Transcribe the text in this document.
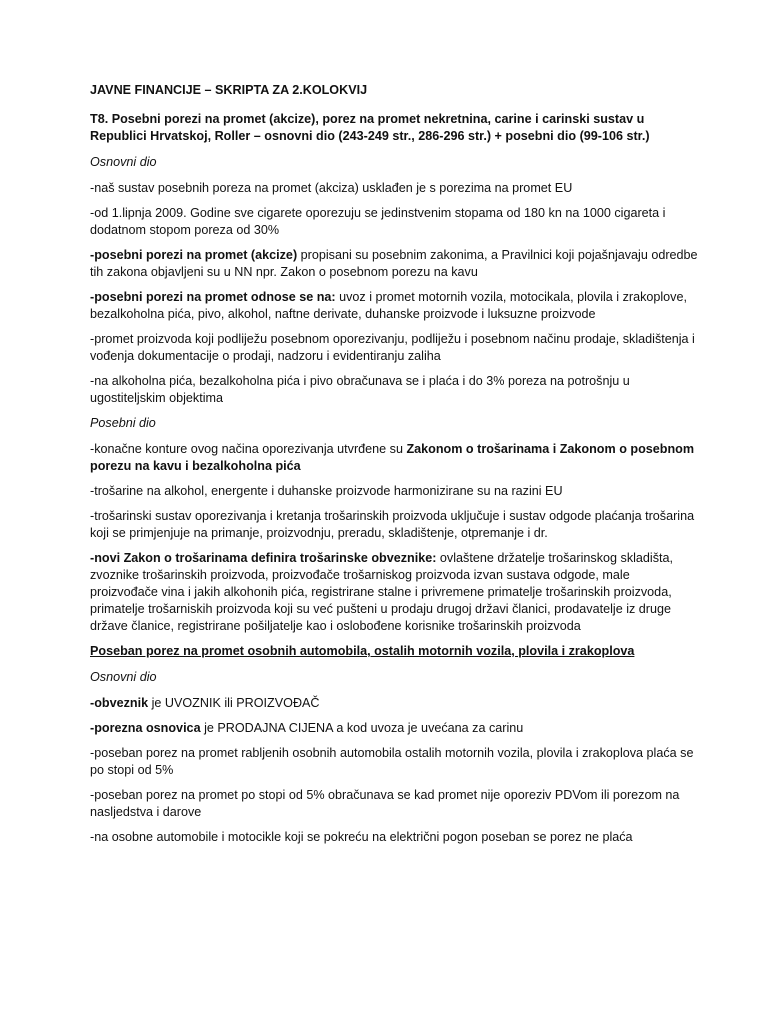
JAVNE FINANCIJE – SKRIPTA ZA 2.KOLOKVIJ

T8. Posebni porezi na promet (akcize), porez na promet nekretnina, carine i carinski sustav u Republici Hrvatskoj, Roller – osnovni dio (243-249 str., 286-296 str.) + posebni dio (99-106 str.)

Osnovni dio

-naš sustav posebnih poreza na promet (akciza) usklađen je s porezima na promet EU

-od 1.lipnja 2009. Godine sve cigarete oporezuju se jedinstvenim stopama od 180 kn na 1000 cigareta i dodatnom stopom poreza od 30%

-posebni porezi na promet (akcize) propisani su posebnim zakonima, a Pravilnici koji pojašnjavaju odredbe tih zakona objavljeni su u NN npr. Zakon o posebnom porezu na kavu

-posebni porezi na promet odnose se na: uvoz i promet motornih vozila, motocikala, plovila i zrakoplove, bezalkoholna pića, pivo, alkohol, naftne derivate, duhanske proizvode i luksuzne proizvode

-promet proizvoda koji podliježu posebnom oporezivanju, podliježu i posebnom načinu prodaje, skladištenja i vođenja dokumentacije o prodaji, nadzoru i evidentiranju zaliha

-na alkoholna pića, bezalkoholna pića i pivo obračunava se i plaća i do 3% poreza na potrošnju u ugostiteljskim objektima

Posebni dio

-konačne konture ovog načina oporezivanja utvrđene su Zakonom o trošarinama i Zakonom o posebnom porezu na kavu i bezalkoholna pića

-trošarine na alkohol, energente i duhanske proizvode harmonizirane su na razini EU

-trošarinski sustav oporezivanja i kretanja trošarinskih proizvoda uključuje i sustav odgode plaćanja trošarina koji se primjenjuje na primanje, proizvodnju, preradu, skladištenje, otpremanje i dr.

-novi Zakon o trošarinama definira trošarinske obveznike: ovlaštene držatelje trošarinskog skladišta, zvoznike trošarinskih proizvoda, proizvođače trošarniskog proizvoda izvan sustava odgode, male proizvođače vina i jakih alkohonih pića, registrirane stalne i privremene primatelje trošarinskih proizvoda, primatelje trošarniskih proizvoda koji su već pušteni u prodaju drugoj državi članici, prodavatelje iz druge države članice, registrirane pošiljatelje kao i oslobođene korisnike trošarinskih proizvoda

Poseban porez na promet osobnih automobila, ostalih motornih vozila, plovila i zrakoplova

Osnovni dio

-obveznik je UVOZNIK ili PROIZVOĐAČ

-porezna osnovica je PRODAJNA CIJENA a kod uvoza je uvećana za carinu

-poseban porez na promet rabljenih osobnih automobila ostalih motornih vozila, plovila i zrakoplova plaća se po stopi od 5%

-poseban porez na promet po stopi od 5% obračunava se kad promet nije oporeziv PDVom ili porezom na nasljedstva i darove

-na osobne automobile i motocikle koji se pokreću na električni pogon poseban se porez ne plaća
